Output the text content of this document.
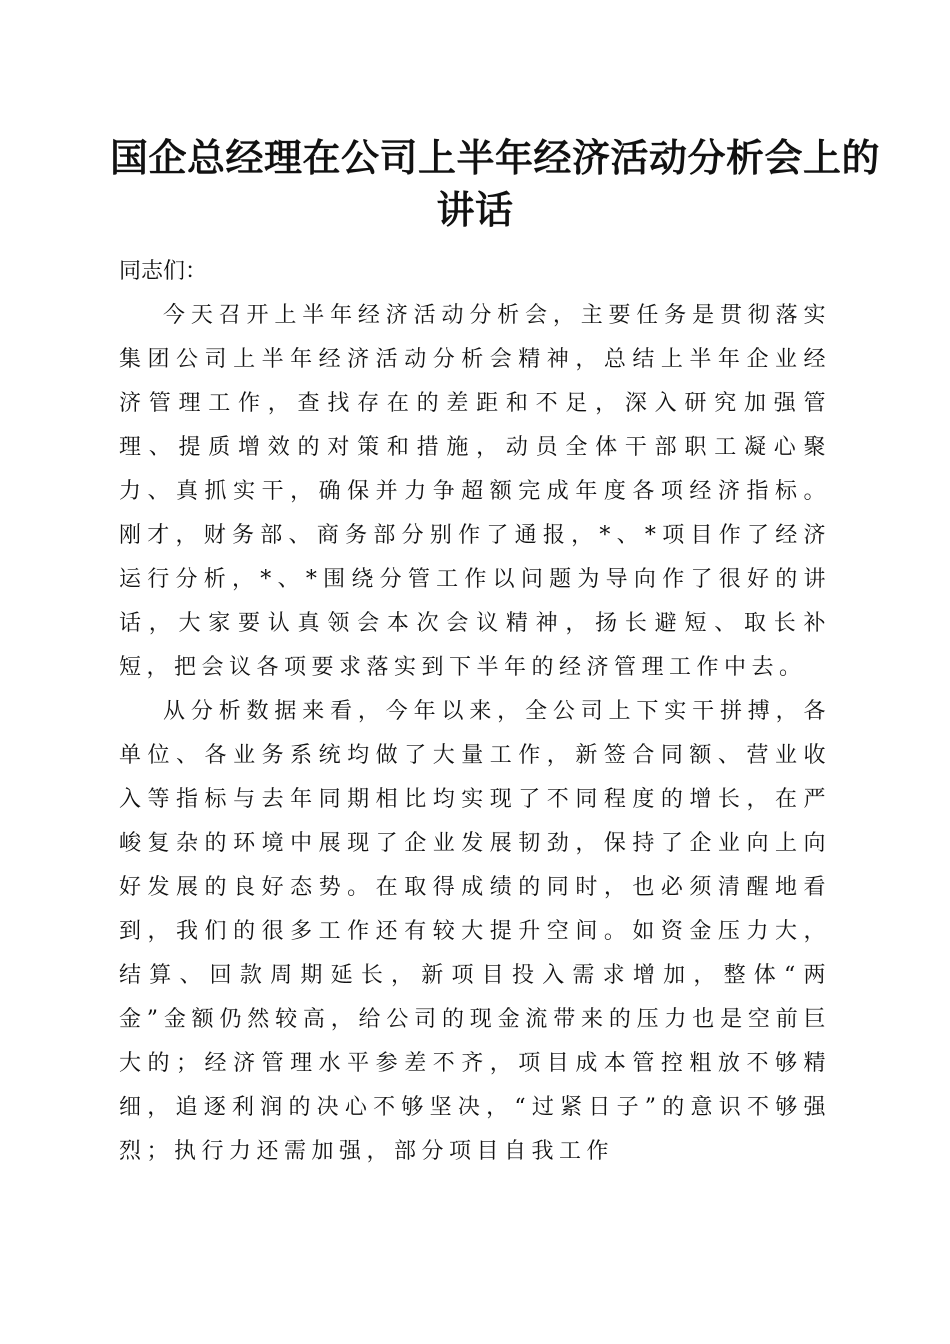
国企总经理在公司上半年经济活动分析会上的
讲话

同志们：

今天召开上半年经济活动分析会，主要任务是贯彻落实集团公司上半年经济活动分析会精神，总结上半年企业经济管理工作，查找存在的差距和不足，深入研究加强管理、提质增效的对策和措施，动员全体干部职工凝心聚力、真抓实干，确保并力争超额完成年度各项经济指标。刚才，财务部、商务部分别作了通报，*、*项目作了经济运行分析，*、*围绕分管工作以问题为导向作了很好的讲话，大家要认真领会本次会议精神，扬长避短、取长补短，把会议各项要求落实到下半年的经济管理工作中去。

从分析数据来看，今年以来，全公司上下实干拼搏，各单位、各业务系统均做了大量工作，新签合同额、营业收入等指标与去年同期相比均实现了不同程度的增长，在严峻复杂的环境中展现了企业发展韧劲，保持了企业向上向好发展的良好态势。在取得成绩的同时，也必须清醒地看到，我们的很多工作还有较大提升空间。如资金压力大，结算、回款周期延长，新项目投入需求增加，整体“两金”金额仍然较高，给公司的现金流带来的压力也是空前巨大的；经济管理水平参差不齐，项目成本管控粗放不够精细，追逐利润的决心不够坚决，“过紧日子”的意识不够强烈；执行力还需加强，部分项目自我工作
